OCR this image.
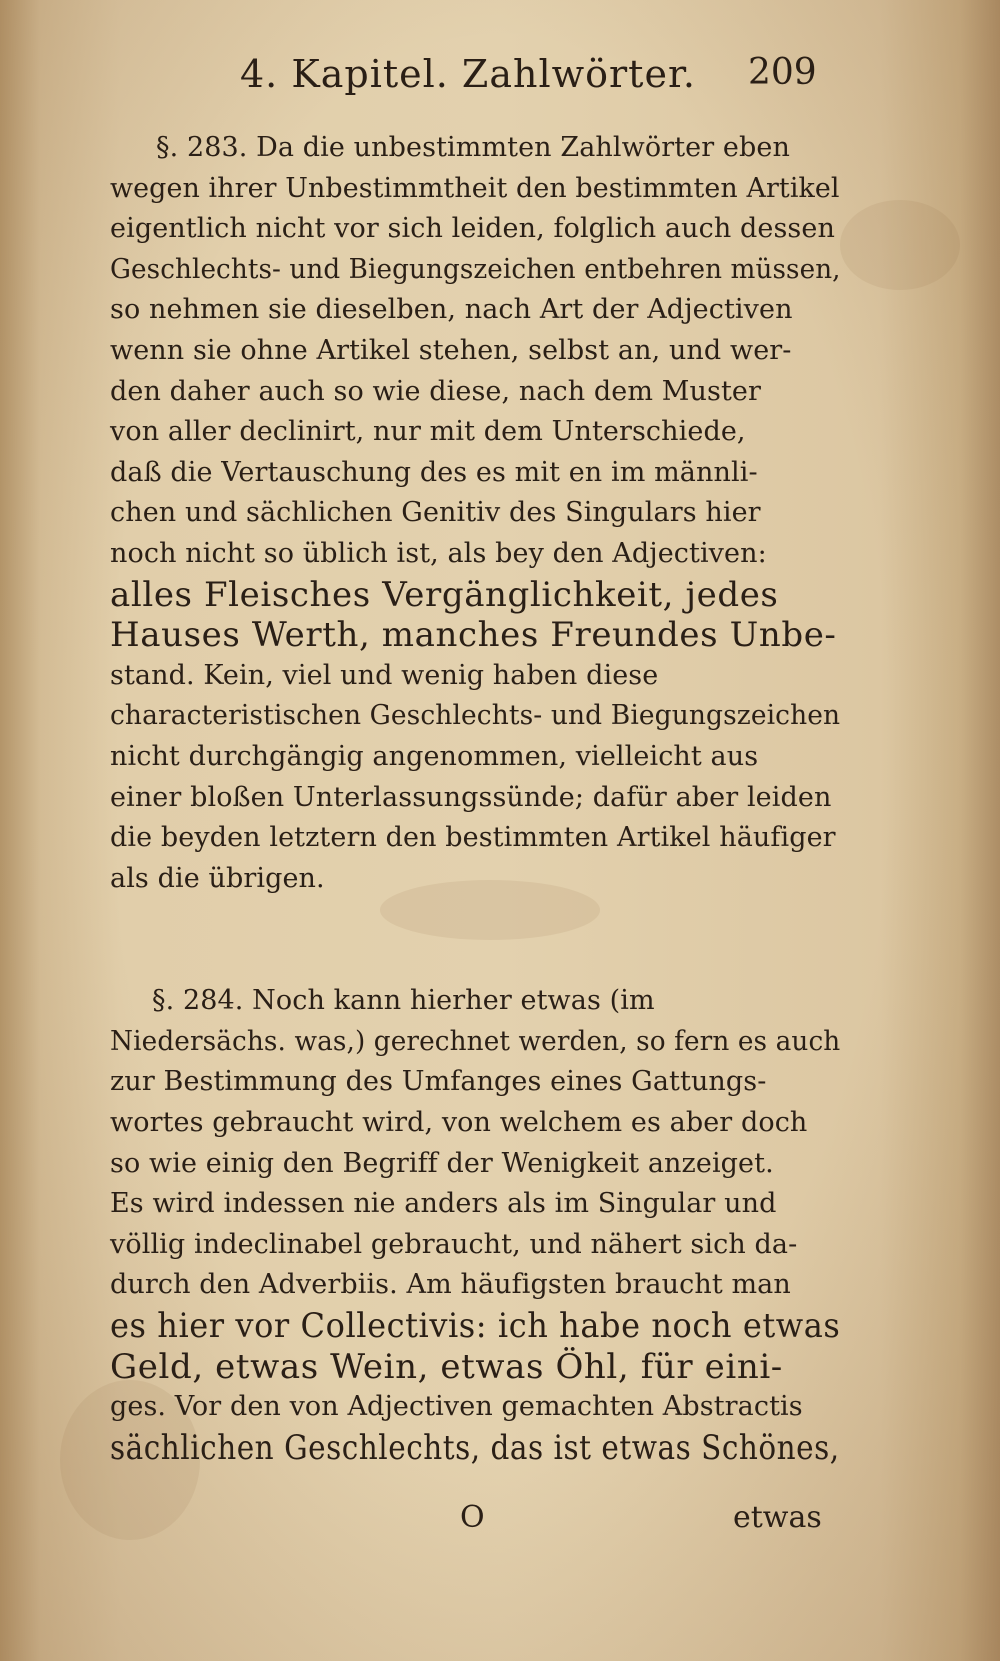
4. Kapitel. Zahlwörter. 209
§. 283. Da die unbestimmten Zahlwörter eben
wegen ihrer Unbestimmtheit den bestimmten Artikel
eigentlich nicht vor sich leiden, folglich auch dessen
Geschlechts- und Biegungszeichen entbehren müssen,
so nehmen sie dieselben, nach Art der Adjectiven
wenn sie ohne Artikel stehen, selbst an, und wer-
den daher auch so wie diese, nach dem Muster
von aller declinirt, nur mit dem Unterschiede,
daß die Vertauschung des es mit en im männli-
chen und sächlichen Genitiv des Singulars hier
noch nicht so üblich ist, als bey den Adjectiven:
alles Fleisches Vergänglichkeit, jedes
Hauses Werth, manches Freundes Unbe-
stand. Kein, viel und wenig haben diese
characteristischen Geschlechts- und Biegungszeichen
nicht durchgängig angenommen, vielleicht aus
einer bloßen Unterlassungssünde; dafür aber leiden
die beyden letztern den bestimmten Artikel häufiger
als die übrigen.
§. 284. Noch kann hierher etwas (im
Niedersächs. was,) gerechnet werden, so fern es auch
zur Bestimmung des Umfanges eines Gattungs-
wortes gebraucht wird, von welchem es aber doch
so wie einig den Begriff der Wenigkeit anzeiget.
Es wird indessen nie anders als im Singular und
völlig indeclinabel gebraucht, und nähert sich da-
durch den Adverbiis. Am häufigsten braucht man
es hier vor Collectivis: ich habe noch etwas
Geld, etwas Wein, etwas Öhl, für eini-
ges. Vor den von Adjectiven gemachten Abstractis
sächlichen Geschlechts, das ist etwas Schönes,
O	etwas
